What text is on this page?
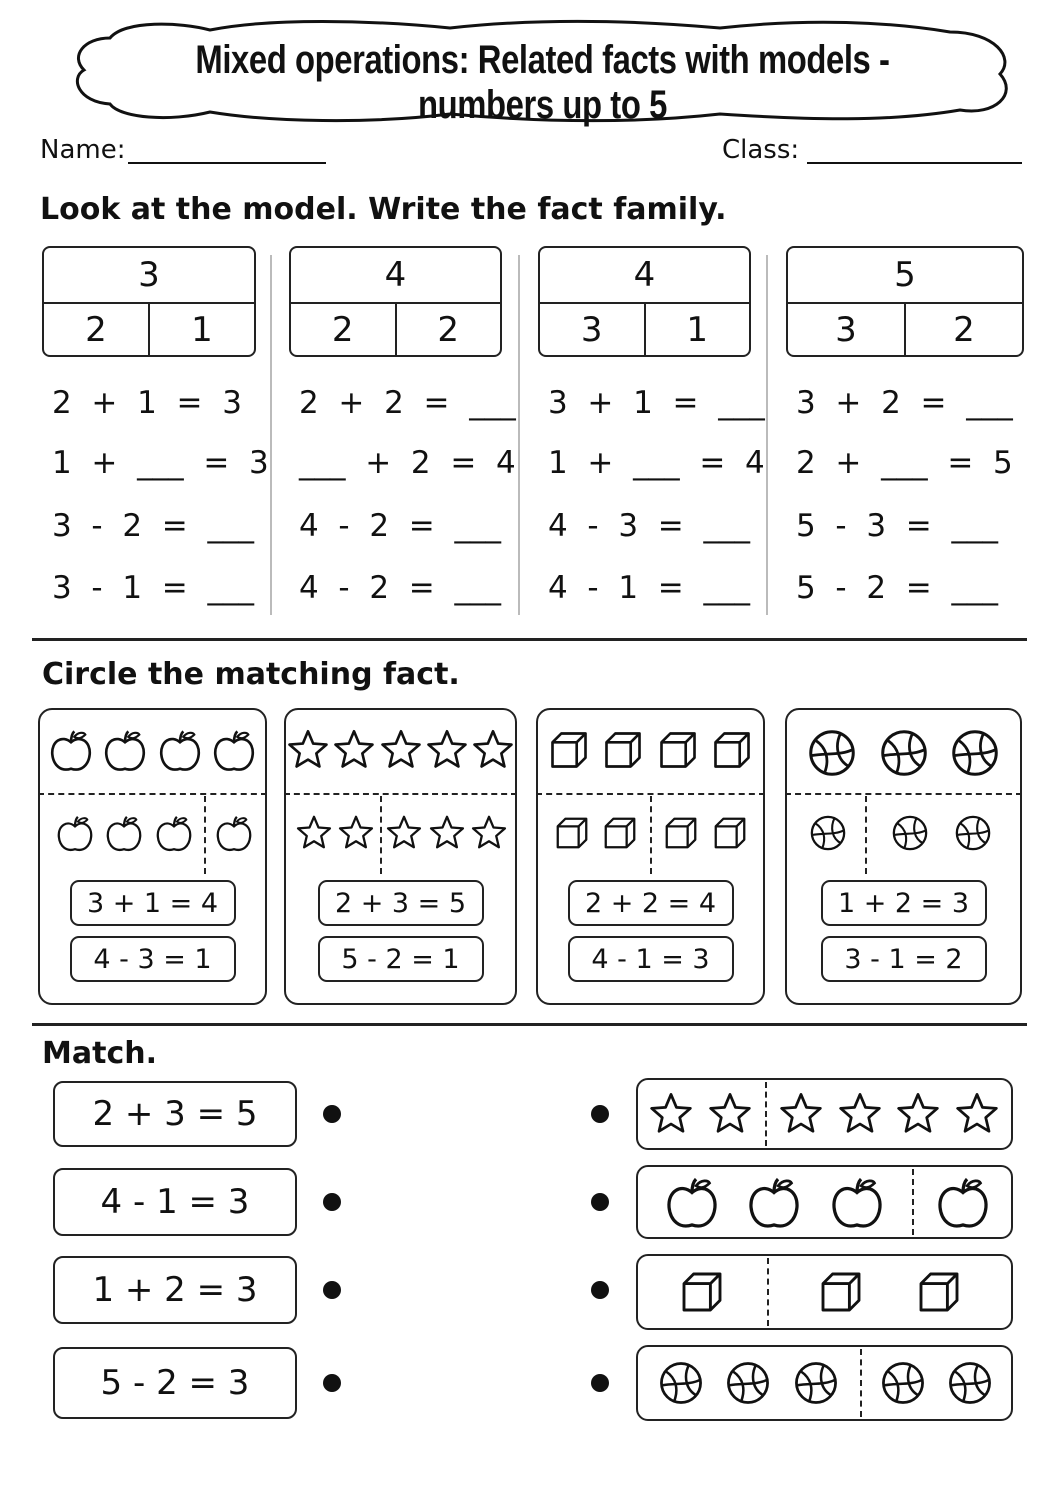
Mixed operations: Related facts with models - numbers up to 5
Name:	Class:
Look at the model. Write the fact family.
3
2	1
2  +  1  =  3
1  +  ___  =  3
3  -  2  =  ___
3  -  1  =  ___
4
2	2
2  +  2  =  ___
___  +  2  =  4
4  -  2  =  ___
4  -  2  =  ___
4
3	1
3  +  1  =  ___
1  +  ___  =  4
4  -  3  =  ___
4  -  1  =  ___
5
3	2
3  +  2  =  ___
2  +  ___  =  5
5  -  3  =  ___
5  -  2  =  ___
Circle the matching fact.
3 + 1 = 4
4 - 3 = 1
2 + 3 = 5
5 - 2 = 1
2 + 2 = 4
4 - 1 = 3
1 + 2 = 3
3 - 1 = 2
Match.
2 + 3 = 5
4 - 1 = 3
1 + 2 = 3
5 - 2 = 3
